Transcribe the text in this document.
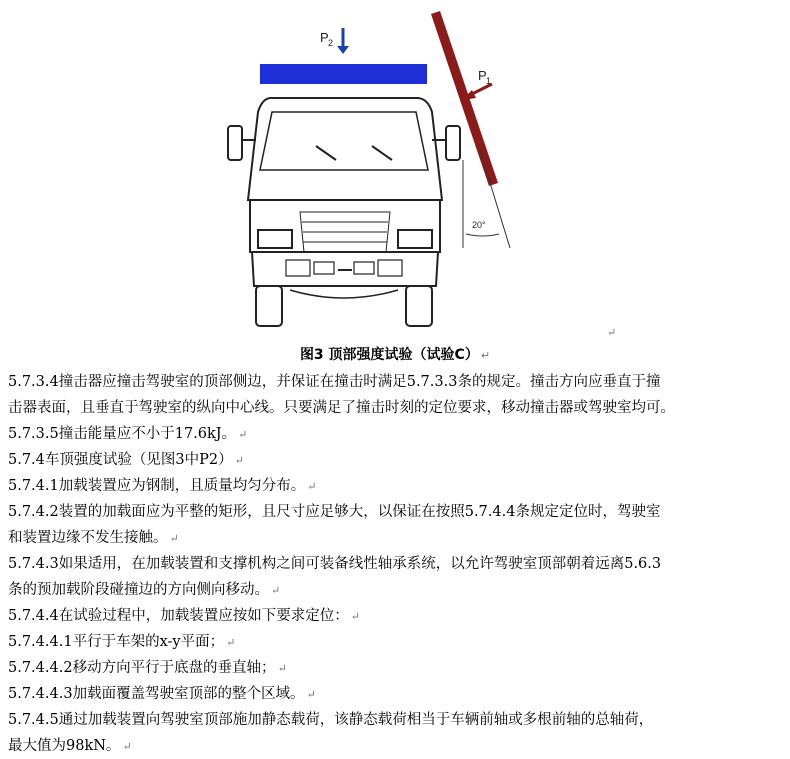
P 2
20°
P 1
↵
图3 顶部强度试验（试验C） ↵
5.7.3.4撞击器应撞击驾驶室的顶部侧边，并保证在撞击时满足5.7.3.3条的规定。撞击方向应垂直于撞
击器表面，且垂直于驾驶室的纵向中心线。只要满足了撞击时刻的定位要求，移动撞击器或驾驶室均可。
5.7.3.5撞击能量应不小于17.6kJ。 ↵
5.7.4车顶强度试验（见图3中P2） ↵
5.7.4.1加载装置应为钢制，且质量均匀分布。 ↵
5.7.4.2装置的加载面应为平整的矩形，且尺寸应足够大，以保证在按照5.7.4.4条规定定位时，驾驶室
和装置边缘不发生接触。 ↵
5.7.4.3如果适用，在加载装置和支撑机构之间可装备线性轴承系统，以允许驾驶室顶部朝着远离5.6.3
条的预加载阶段碰撞边的方向侧向移动。 ↵
5.7.4.4在试验过程中，加载装置应按如下要求定位： ↵
5.7.4.4.1平行于车架的x-y平面； ↵
5.7.4.4.2移动方向平行于底盘的垂直轴； ↵
5.7.4.4.3加载面覆盖驾驶室顶部的整个区域。 ↵
5.7.4.5通过加载装置向驾驶室顶部施加静态载荷，该静态载荷相当于车辆前轴或多根前轴的总轴荷，
最大值为98kN。 ↵
